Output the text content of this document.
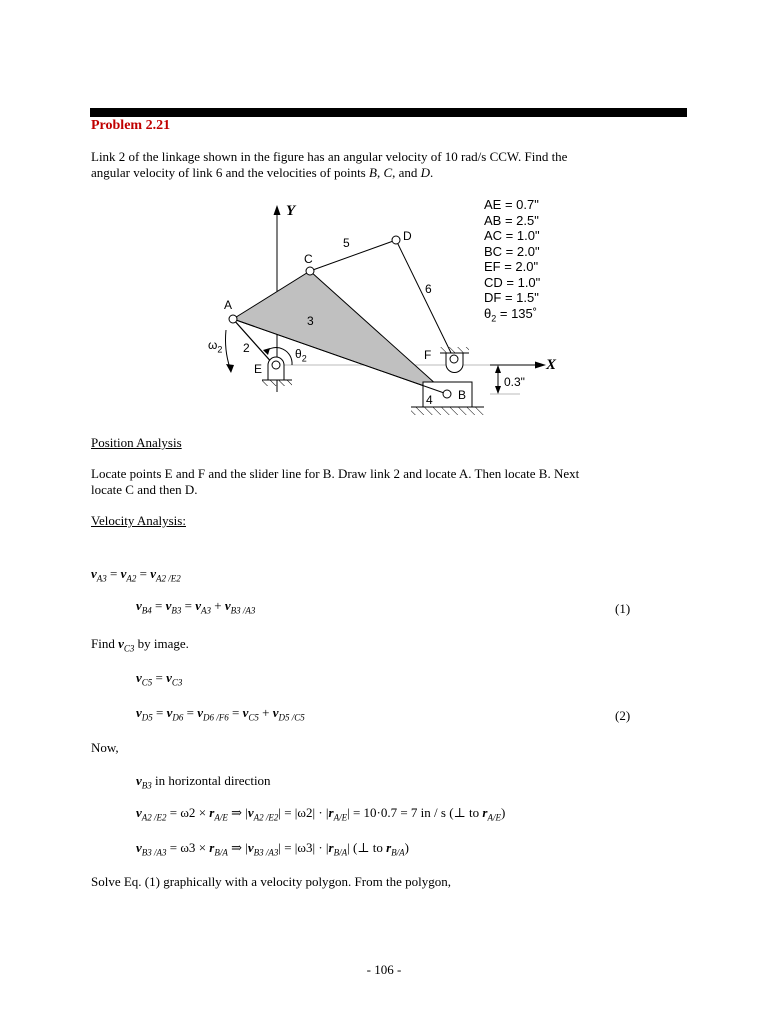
Problem 2.21
Link 2 of the linkage shown in the figure has an angular velocity of 10 rad/s CCW. Find the
angular velocity of link 6 and the velocities of points B, C, and D.
Y
X
A
C
D
E
F
B
2
3
4
5
6
$\omega_2$	$\theta_2$
0.3"
AE = 0.7"
AB = 2.5"
AC = 1.0"
BC = 2.0"
EF = 2.0"
CD = 1.0"
DF = 1.5"
$\theta_2$ = 135˚
Position Analysis
Locate points E and F and the slider line for B. Draw link 2 and locate A. Then locate B. Next
locate C and then D.
Velocity Analysis:
$v_{A3} = v_{A2} = v_{A2 /E2}$
$v_{B4} = v_{B3} = v_{A3} + v_{B3 /A3}$	(1)
Find $v_{C3}$ by image.
$v_{C5} = v_{C3}$
$v_{D5} = v_{D6} = v_{D6 /F6} = v_{C5} + v_{D5 /C5}$	(2)
Now,
$v_{B3}$ in horizontal direction
$v_{A2 /E2} = \omega 2 \times r_{A/E}$ ⇒ $|v_{A2 /E2}| = |\omega 2| \cdot |r_{A/E}| = 10\cdot 0.7 = 7$ in / s (⊥ to $r_{A/E}$)
$v_{B3 /A3} = \omega 3 \times r_{B/A}$ ⇒ $|v_{B3 /A3}| = |\omega 3| \cdot |r_{B/A}|$ (⊥ to $r_{B/A}$)
Solve Eq. (1) graphically with a velocity polygon. From the polygon,
- 106 -
